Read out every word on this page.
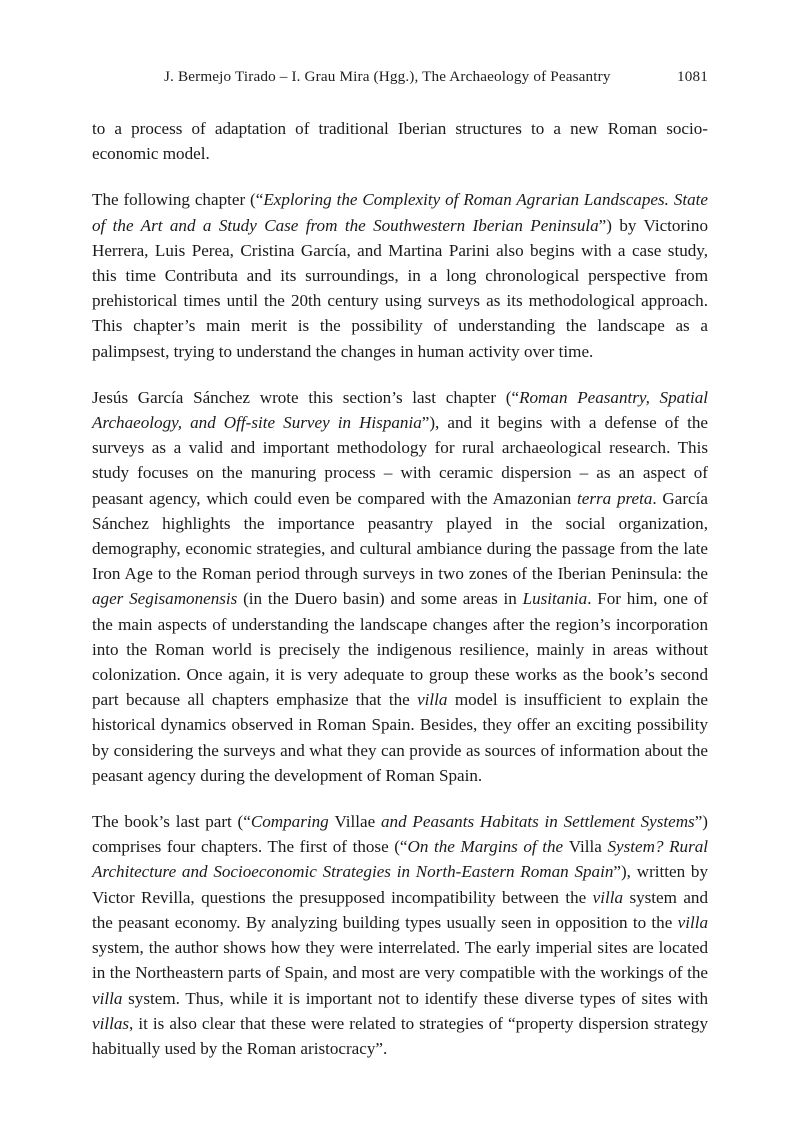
J. Bermejo Tirado – I. Grau Mira (Hgg.), The Archaeology of Peasantry	1081

to a process of adaptation of traditional Iberian structures to a new Roman socio-economic model.

The following chapter (“Exploring the Complexity of Roman Agrarian Landscapes. State of the Art and a Study Case from the Southwestern Iberian Peninsula”) by Victorino Herrera, Luis Perea, Cristina García, and Martina Parini also begins with a case study, this time Contributa and its surroundings, in a long chronological perspective from prehistorical times until the 20th century using surveys as its methodological approach. This chapter’s main merit is the possibility of understanding the landscape as a palimpsest, trying to understand the changes in human activity over time.

Jesús García Sánchez wrote this section’s last chapter (“Roman Peasantry, Spatial Archaeology, and Off-site Survey in Hispania”), and it begins with a defense of the surveys as a valid and important methodology for rural archaeological research. This study focuses on the manuring process – with ceramic dispersion – as an aspect of peasant agency, which could even be compared with the Amazonian terra preta. García Sánchez highlights the importance peasantry played in the social organization, demography, economic strategies, and cultural ambiance during the passage from the late Iron Age to the Roman period through surveys in two zones of the Iberian Peninsula: the ager Segisamonensis (in the Duero basin) and some areas in Lusitania. For him, one of the main aspects of understanding the landscape changes after the region’s incorporation into the Roman world is precisely the indigenous resilience, mainly in areas without colonization. Once again, it is very adequate to group these works as the book’s second part because all chapters emphasize that the villa model is insufficient to explain the historical dynamics observed in Roman Spain. Besides, they offer an exciting possibility by considering the surveys and what they can provide as sources of information about the peasant agency during the development of Roman Spain.

The book’s last part (“Comparing Villae and Peasants Habitats in Settlement Systems”) comprises four chapters. The first of those (“On the Margins of the Villa System? Rural Architecture and Socioeconomic Strategies in North-Eastern Roman Spain”), written by Victor Revilla, questions the presupposed incompatibility between the villa system and the peasant economy. By analyzing building types usually seen in opposition to the villa system, the author shows how they were interrelated. The early imperial sites are located in the Northeastern parts of Spain, and most are very compatible with the workings of the villa system. Thus, while it is important not to identify these diverse types of sites with villas, it is also clear that these were related to strategies of “property dispersion strategy habitually used by the Roman aristocracy”.
